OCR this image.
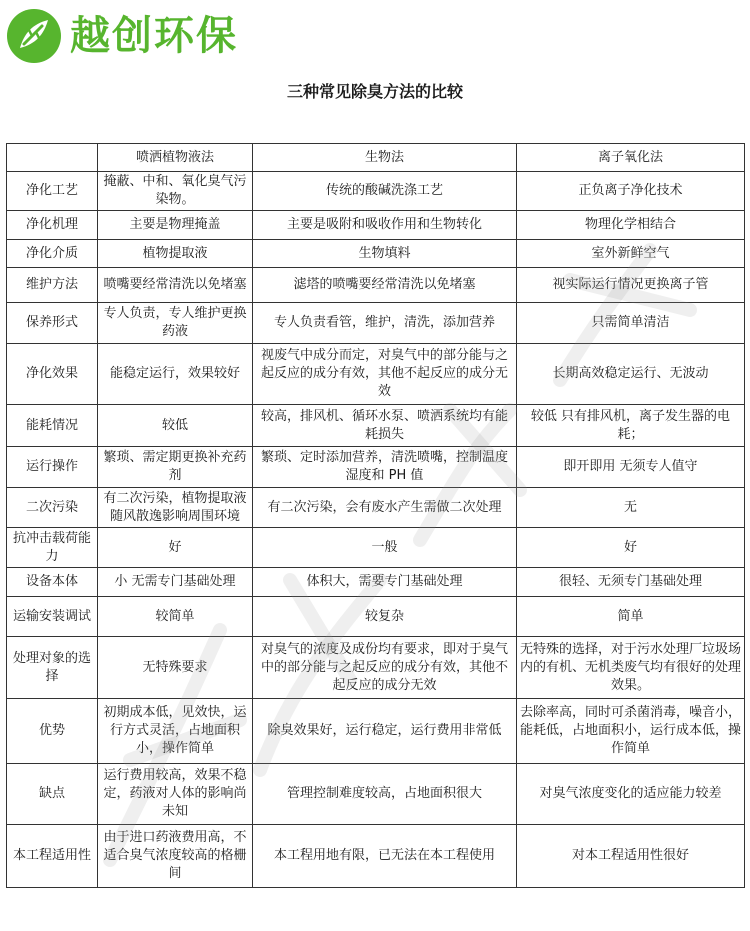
越创环保
三种常见除臭方法的比较
	喷洒植物液法	生物法	离子氧化法
净化工艺	掩蔽、中和、氧化臭气污染物。	传统的酸碱洗涤工艺	正负离子净化技术
净化机理	主要是物理掩盖	主要是吸附和吸收作用和生物转化	物理化学相结合
净化介质	植物提取液	生物填料	室外新鲜空气
维护方法	喷嘴要经常清洗以免堵塞	滤塔的喷嘴要经常清洗以免堵塞	视实际运行情况更换离子管
保养形式	专人负责，专人维护更换药液	专人负责看管，维护，清洗，添加营养	只需简单清洁
净化效果	能稳定运行，效果较好	视废气中成分而定，对臭气中的部分能与之起反应的成分有效，其他不起反应的成分无效	长期高效稳定运行、无波动
能耗情况	较低	较高，排风机、循环水泵、喷洒系统均有能耗损失	较低 只有排风机，离子发生器的电耗；
运行操作	繁琐、需定期更换补充药剂	繁琐、定时添加营养，清洗喷嘴，控制温度湿度和 PH 值	即开即用 无须专人值守
二次污染	有二次污染，植物提取液随风散逸影响周围环境	有二次污染，会有废水产生需做二次处理	无
抗冲击载荷能力	好	一般	好
设备本体	小 无需专门基础处理	体积大，需要专门基础处理	很轻、无须专门基础处理
运输安装调试	较简单	较复杂	简单
处理对象的选择	无特殊要求	对臭气的浓度及成份均有要求，即对于臭气中的部分能与之起反应的成分有效，其他不起反应的成分无效	无特殊的选择，对于污水处理厂垃圾场内的有机、无机类废气均有很好的处理效果。
优势	初期成本低，见效快，运行方式灵活，占地面积小，操作简单	除臭效果好，运行稳定，运行费用非常低	去除率高，同时可杀菌消毒，噪音小，能耗低，占地面积小，运行成本低，操作简单
缺点	运行费用较高，效果不稳定，药液对人体的影响尚未知	管理控制难度较高，占地面积很大	对臭气浓度变化的适应能力较差
本工程适用性	由于进口药液费用高，不适合臭气浓度较高的格栅间	本工程用地有限，已无法在本工程使用	对本工程适用性很好
